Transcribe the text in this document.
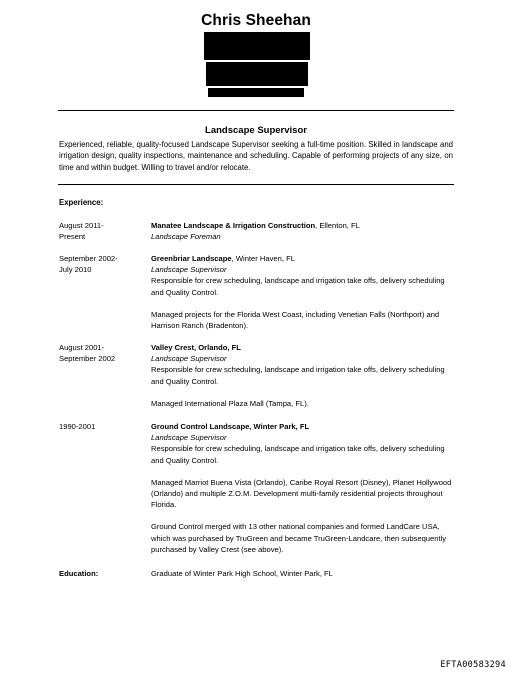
Chris Sheehan
Landscape Supervisor
Experienced, reliable, quality-focused Landscape Supervisor seeking a full-time position. Skilled in landscape and irrigation design, quality inspections, maintenance and scheduling. Capable of performing projects of any size, on time and within budget. Willing to travel and/or relocate.
Experience:
August 2011-
Present

Manatee Landscape & Irrigation Construction, Ellenton, FL

Landscape Foreman

September 2002-
July 2010

Greenbriar Landscape, Winter Haven, FL

Landscape Supervisor

Responsible for crew scheduling, landscape and irrigation take offs, delivery scheduling and Quality Control.

Managed projects for the Florida West Coast, including Venetian Falls (Northport) and Harrison Ranch (Bradenton).

August 2001-
September 2002

Valley Crest, Orlando, FL

Landscape Supervisor

Responsible for crew scheduling, landscape and irrigation take offs, delivery scheduling and Quality Control.

Managed International Plaza Mall (Tampa, FL).

1990-2001	Ground Control Landscape, Winter Park, FL

Landscape Supervisor

Responsible for crew scheduling, landscape and irrigation take offs, delivery scheduling and Quality Control.

Managed Marriot Buena Vista (Orlando), Caribe Royal Resort (Disney), Planet Hollywood (Orlando) and multiple Z.O.M. Development multi-family residential projects throughout Florida.

Ground Control merged with 13 other national companies and formed LandCare USA, which was purchased by TruGreen and became TruGreen-Landcare, then subsequently purchased by Valley Crest (see above).

Education:	Graduate of Winter Park High School, Winter Park, FL

EFTA00583294
